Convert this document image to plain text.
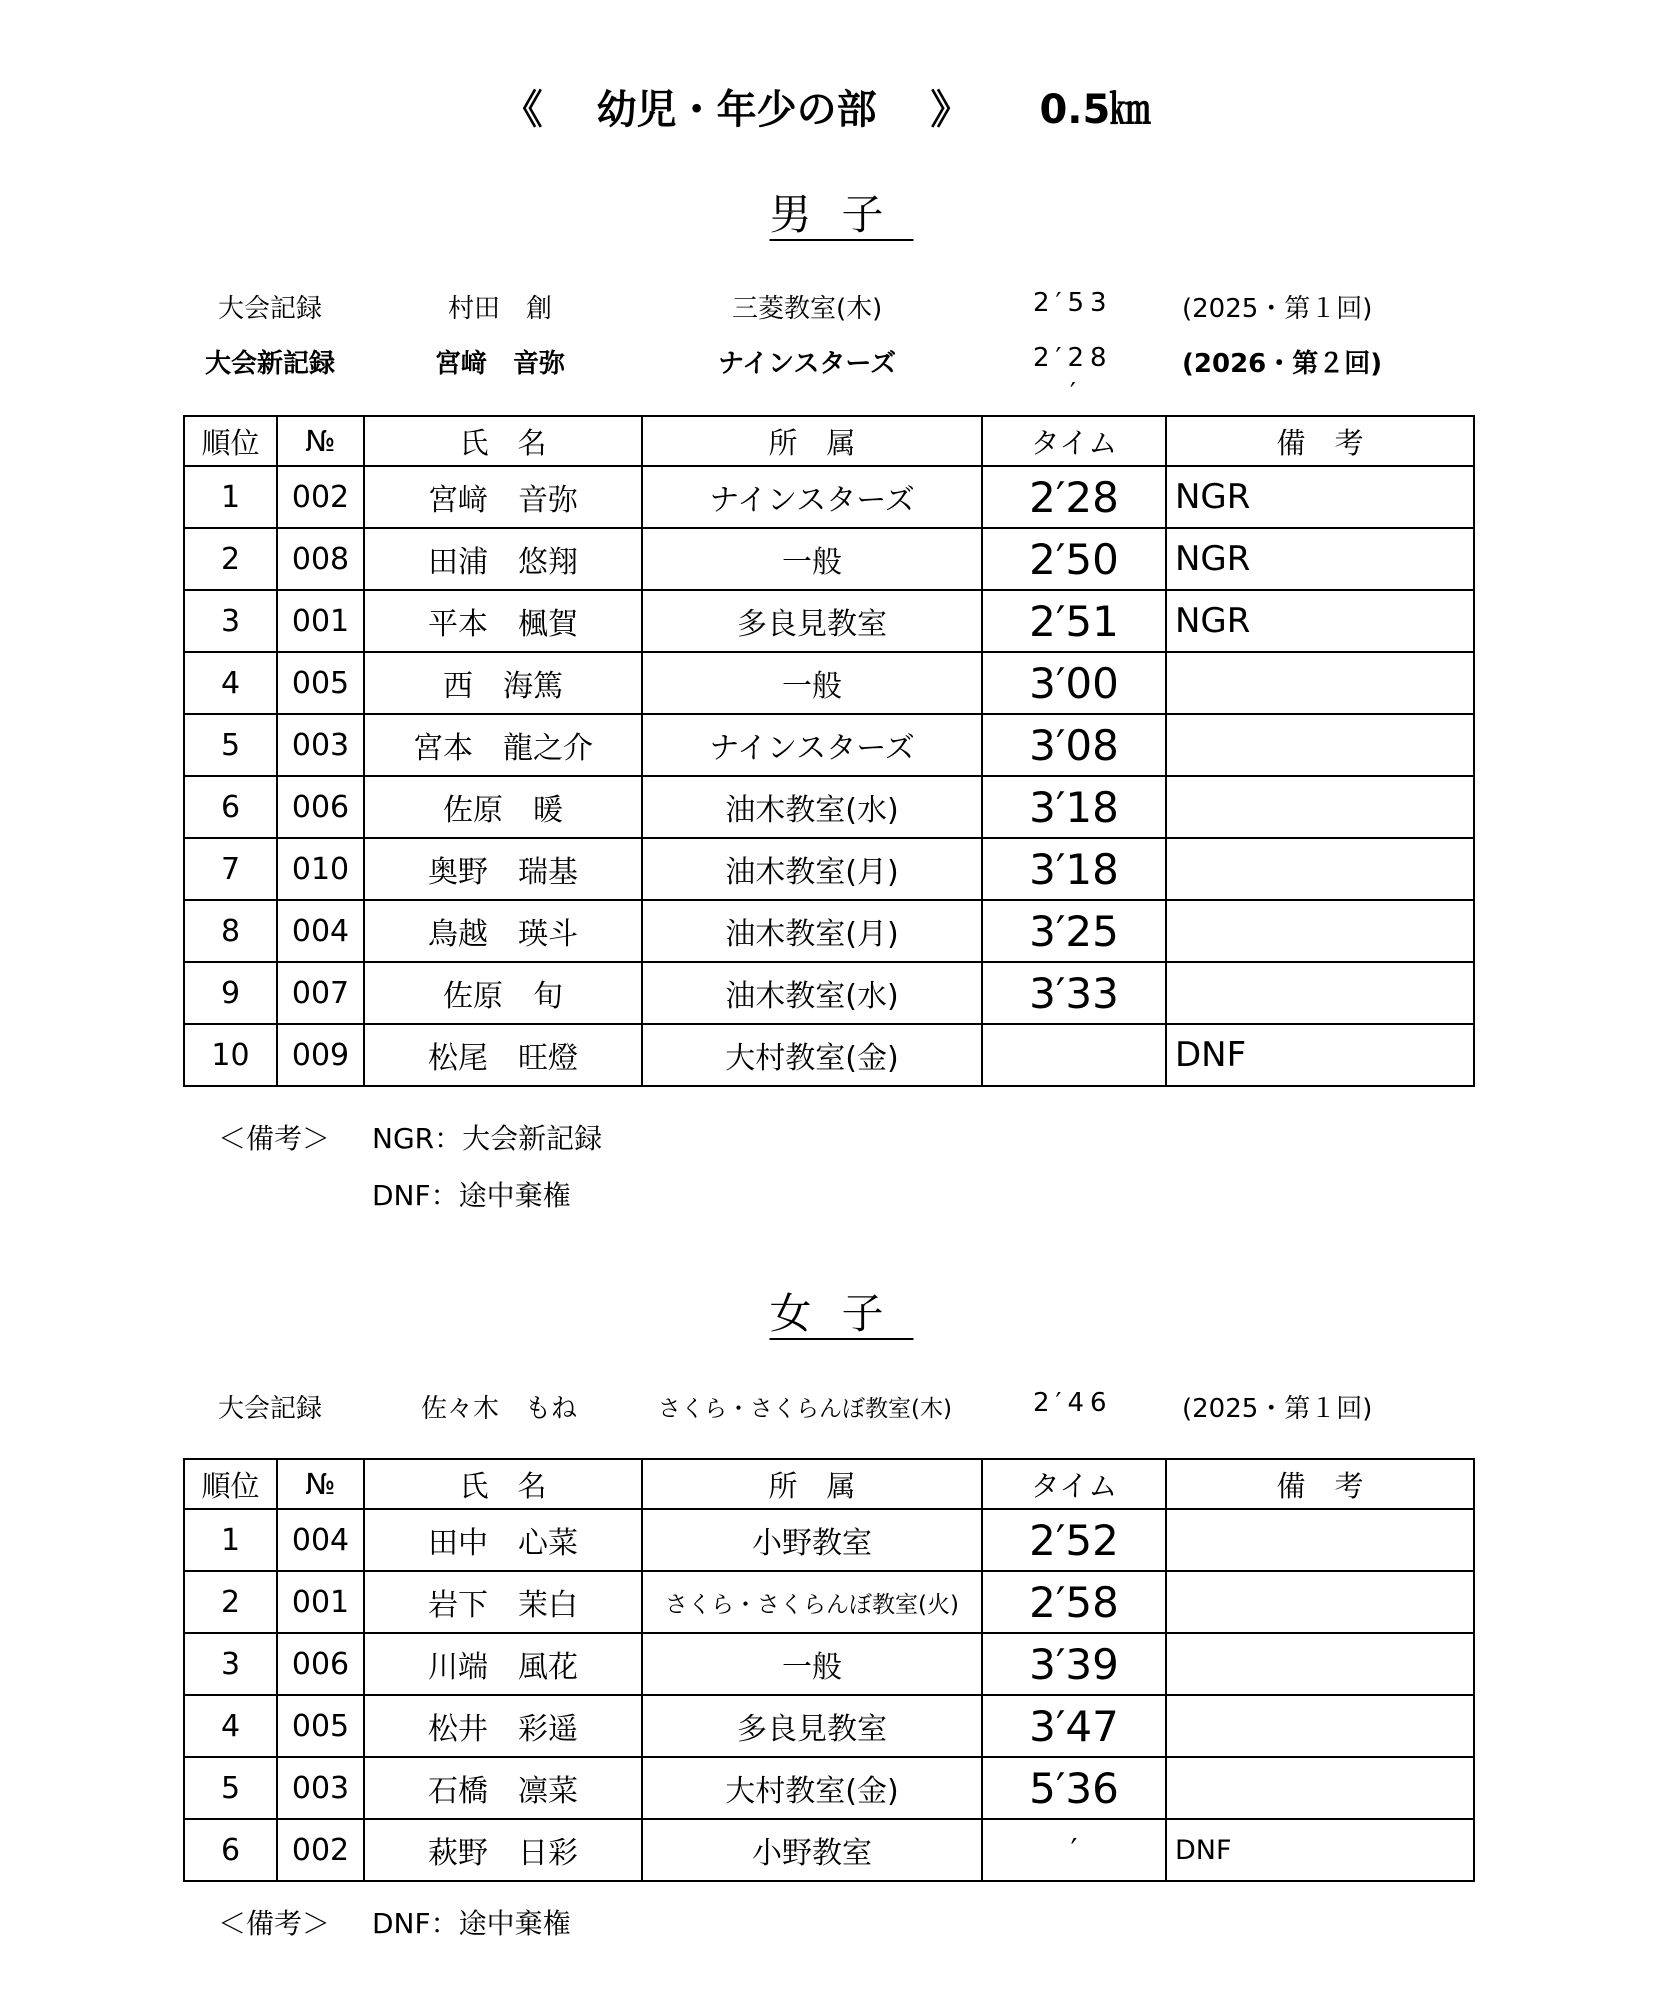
《 幼児・年少の部 》 0.5㎞
男子
大会記録	村田　創	三菱教室(木)	2′53	(2025・第１回)
大会新記録	宮﨑　音弥	ナインスターズ	2′28	(2026・第２回)
′
順位	№	氏　名	所　属	タイム	備　考
1	002	宮﨑　音弥	ナインスターズ	2′28	NGR
2	008	田浦　悠翔	一般	2′50	NGR
3	001	平本　楓賀	多良見教室	2′51	NGR
4	005	西　海篤	一般	3′00	
5	003	宮本　龍之介	ナインスターズ	3′08	
6	006	佐原　暖	油木教室(水)	3′18	
7	010	奥野　瑞基	油木教室(月)	3′18	
8	004	鳥越　瑛斗	油木教室(月)	3′25	
9	007	佐原　旬	油木教室(水)	3′33	
10	009	松尾　旺燈	大村教室(金)		DNF
＜備考＞ NGR：大会新記録
DNF：途中棄権
女子
大会記録	佐々木　もね	さくら・さくらんぼ教室(木)	2′46	(2025・第１回)
順位	№	氏　名	所　属	タイム	備　考
1	004	田中　心菜	小野教室	2′52	
2	001	岩下　茉白	さくら・さくらんぼ教室(火)	2′58	
3	006	川端　風花	一般	3′39	
4	005	松井　彩遥	多良見教室	3′47	
5	003	石橋　凛菜	大村教室(金)	5′36	
6	002	萩野　日彩	小野教室	′	DNF
＜備考＞ DNF：途中棄権
